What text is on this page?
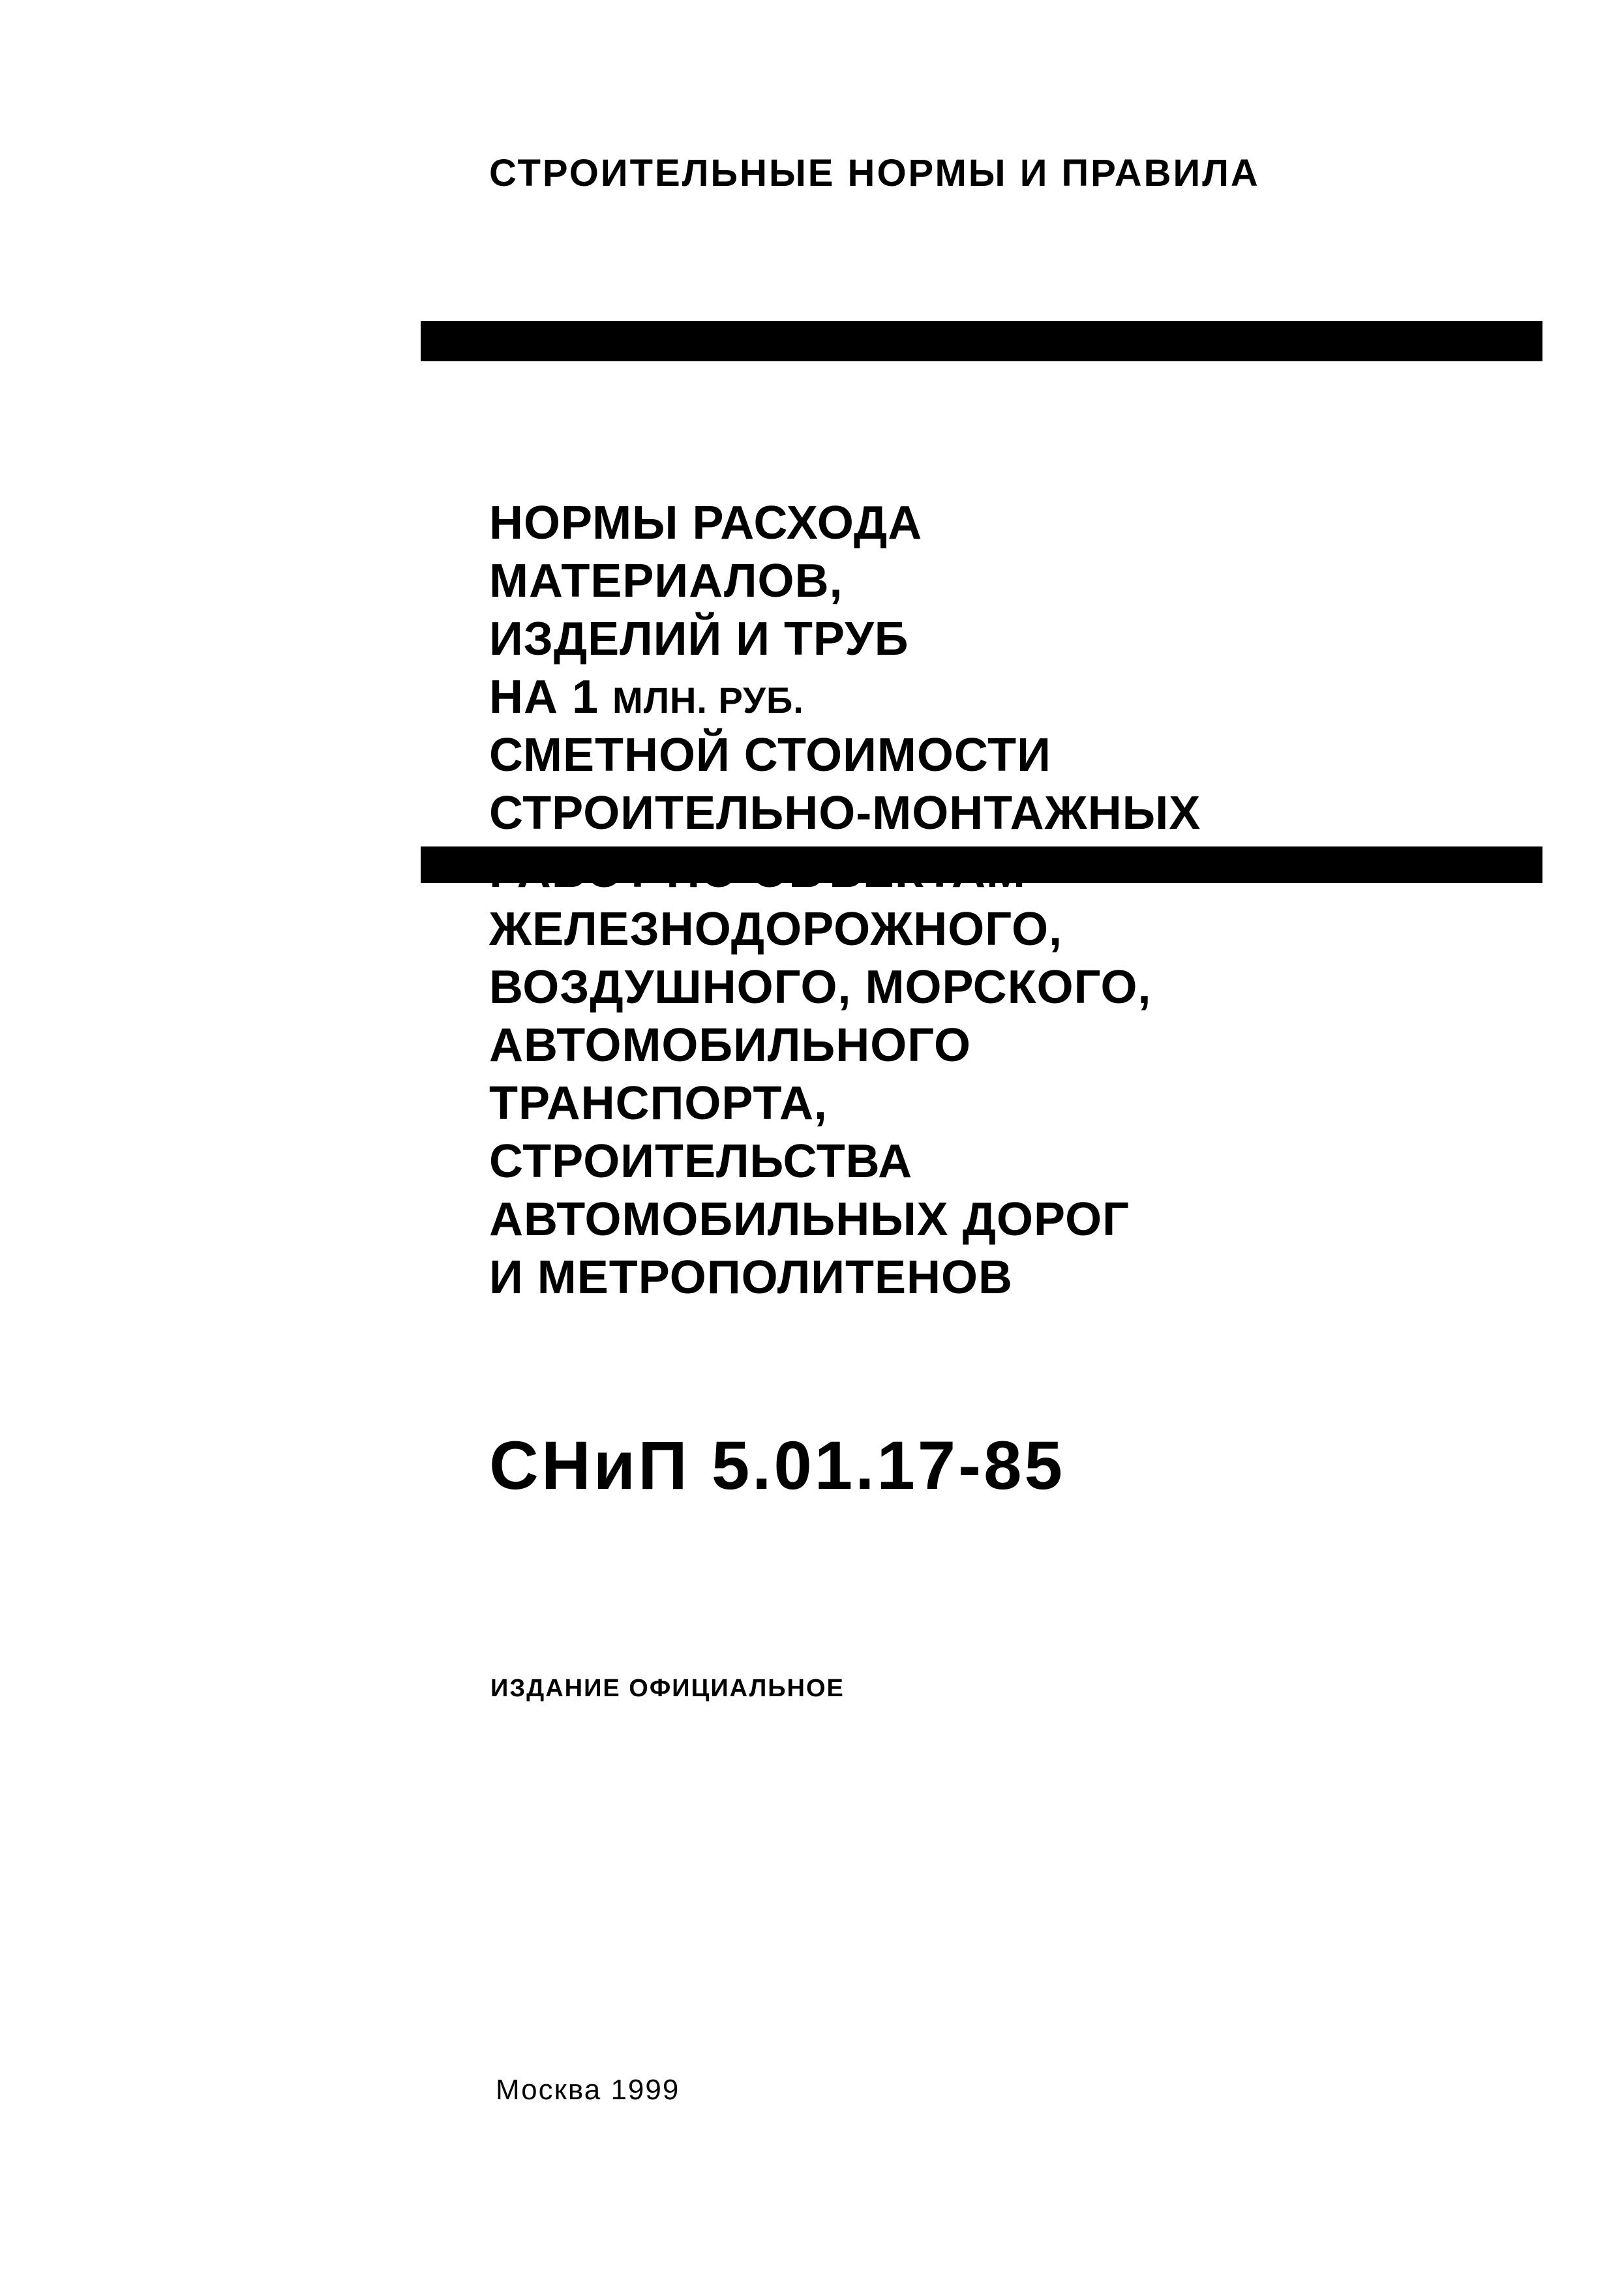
СТРОИТЕЛЬНЫЕ НОРМЫ И ПРАВИЛА
НОРМЫ РАСХОДА
МАТЕРИАЛОВ,
ИЗДЕЛИЙ И ТРУБ
НА 1 МЛН. РУБ.
СМЕТНОЙ СТОИМОСТИ
СТРОИТЕЛЬНО-МОНТАЖНЫХ
ЖЕЛЕЗНОДОРОЖНОГО,
ВОЗДУШНОГО, МОРСКОГО,
АВТОМОБИЛЬНОГО
ТРАНСПОРТА,
СТРОИТЕЛЬСТВА
АВТОМОБИЛЬНЫХ ДОРОГ
И МЕТРОПОЛИТЕНОВ
СНиП 5.01.17-85
ИЗДАНИЕ ОФИЦИАЛЬНОЕ
Москва 1999
